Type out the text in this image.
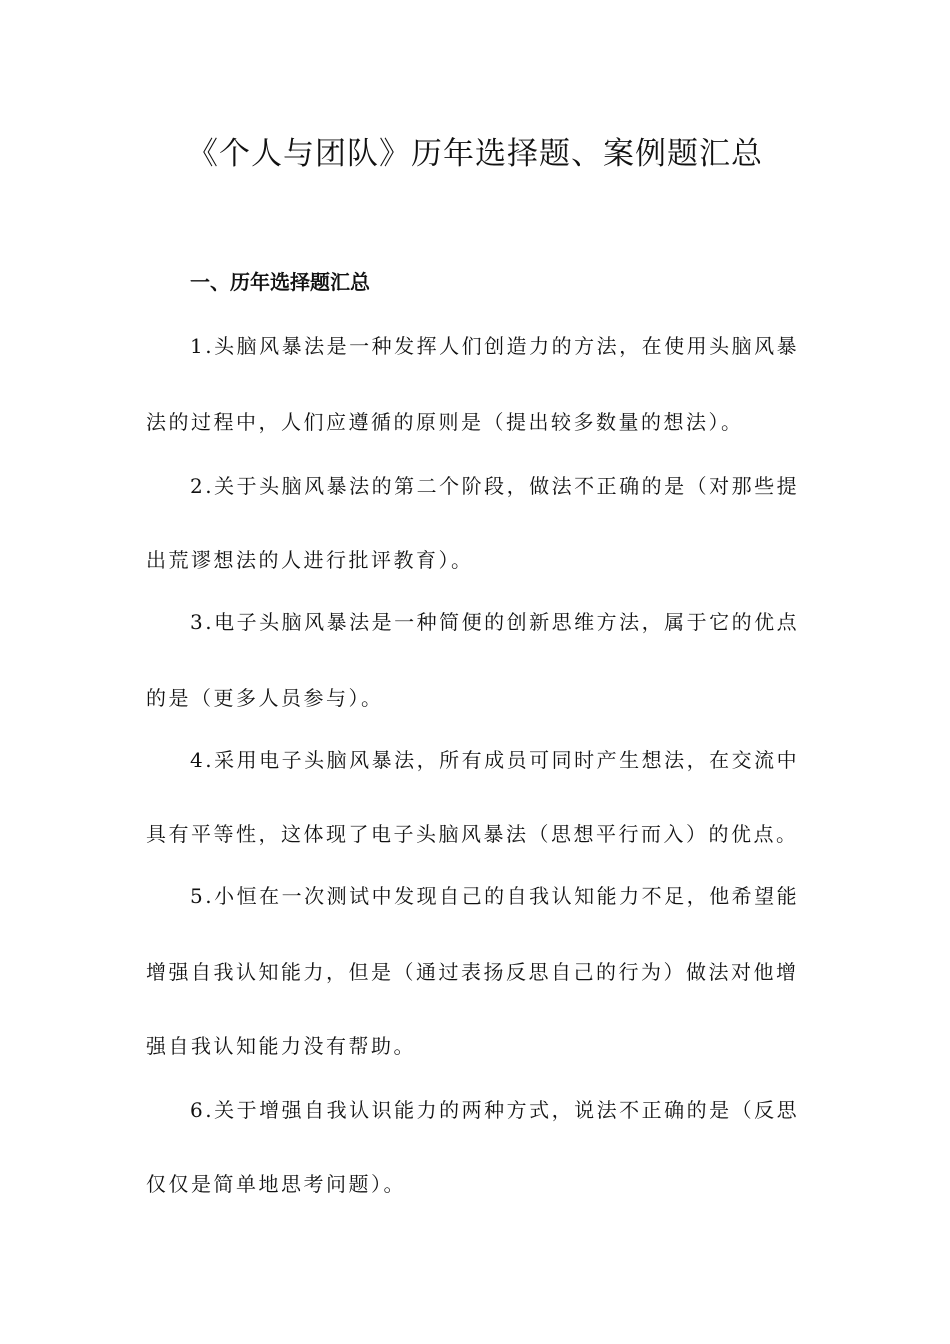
《个人与团队》历年选择题、案例题汇总
一、历年选择题汇总

1.头脑风暴法是一种发挥人们创造力的方法，在使用头脑风暴

法的过程中，人们应遵循的原则是（提出较多数量的想法）。

2.关于头脑风暴法的第二个阶段，做法不正确的是（对那些提

出荒谬想法的人进行批评教育）。

3.电子头脑风暴法是一种简便的创新思维方法，属于它的优点

的是（更多人员参与）。

4.采用电子头脑风暴法，所有成员可同时产生想法，在交流中

具有平等性，这体现了电子头脑风暴法（思想平行而入）的优点。

5.小恒在一次测试中发现自己的自我认知能力不足，他希望能

增强自我认知能力，但是（通过表扬反思自己的行为）做法对他增

强自我认知能力没有帮助。

6.关于增强自我认识能力的两种方式，说法不正确的是（反思

仅仅是简单地思考问题）。
